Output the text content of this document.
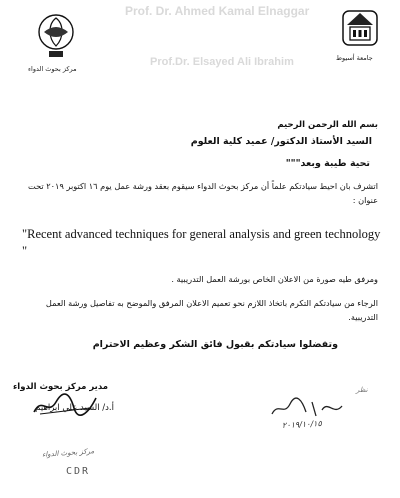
Prof. Dr. Ahmed Kamal Elnaggar
Prof.Dr. Elsayed Ali Ibrahim	جامعة أسيوط
مركز بحوث الدواء
بسم الله الرحمن الرحيم
السيد الأستاذ الدكتور/ عميد كلية العلوم
تحية طيبة وبعد"""
اتشرف بان احيط سيادتكم علماً أن مركز بحوث الدواء سيقوم بعقد ورشة عمل يوم ١٦ اكتوبر ٢٠١٩ تحت عنوان :
"Recent advanced techniques for general analysis and green technology "
ومرفق طيه صورة من الاعلان الخاص بورشة العمل التدريبية .
الرجاء من سيادتكم التكرم باتخاذ اللازم نحو تعميم الاعلان المرفق والموضح به تفاصيل ورشة العمل التدريبية.
وتفضلوا سيادتكم بقبول فائق الشكر وعظيم الاحترام
مدير مركز بحوث الدواء
أ.د/ السيد علي ابراهيم
مركز بحوث الدواء
CDR
نظر
٢٠١٩/١٠/١٥
